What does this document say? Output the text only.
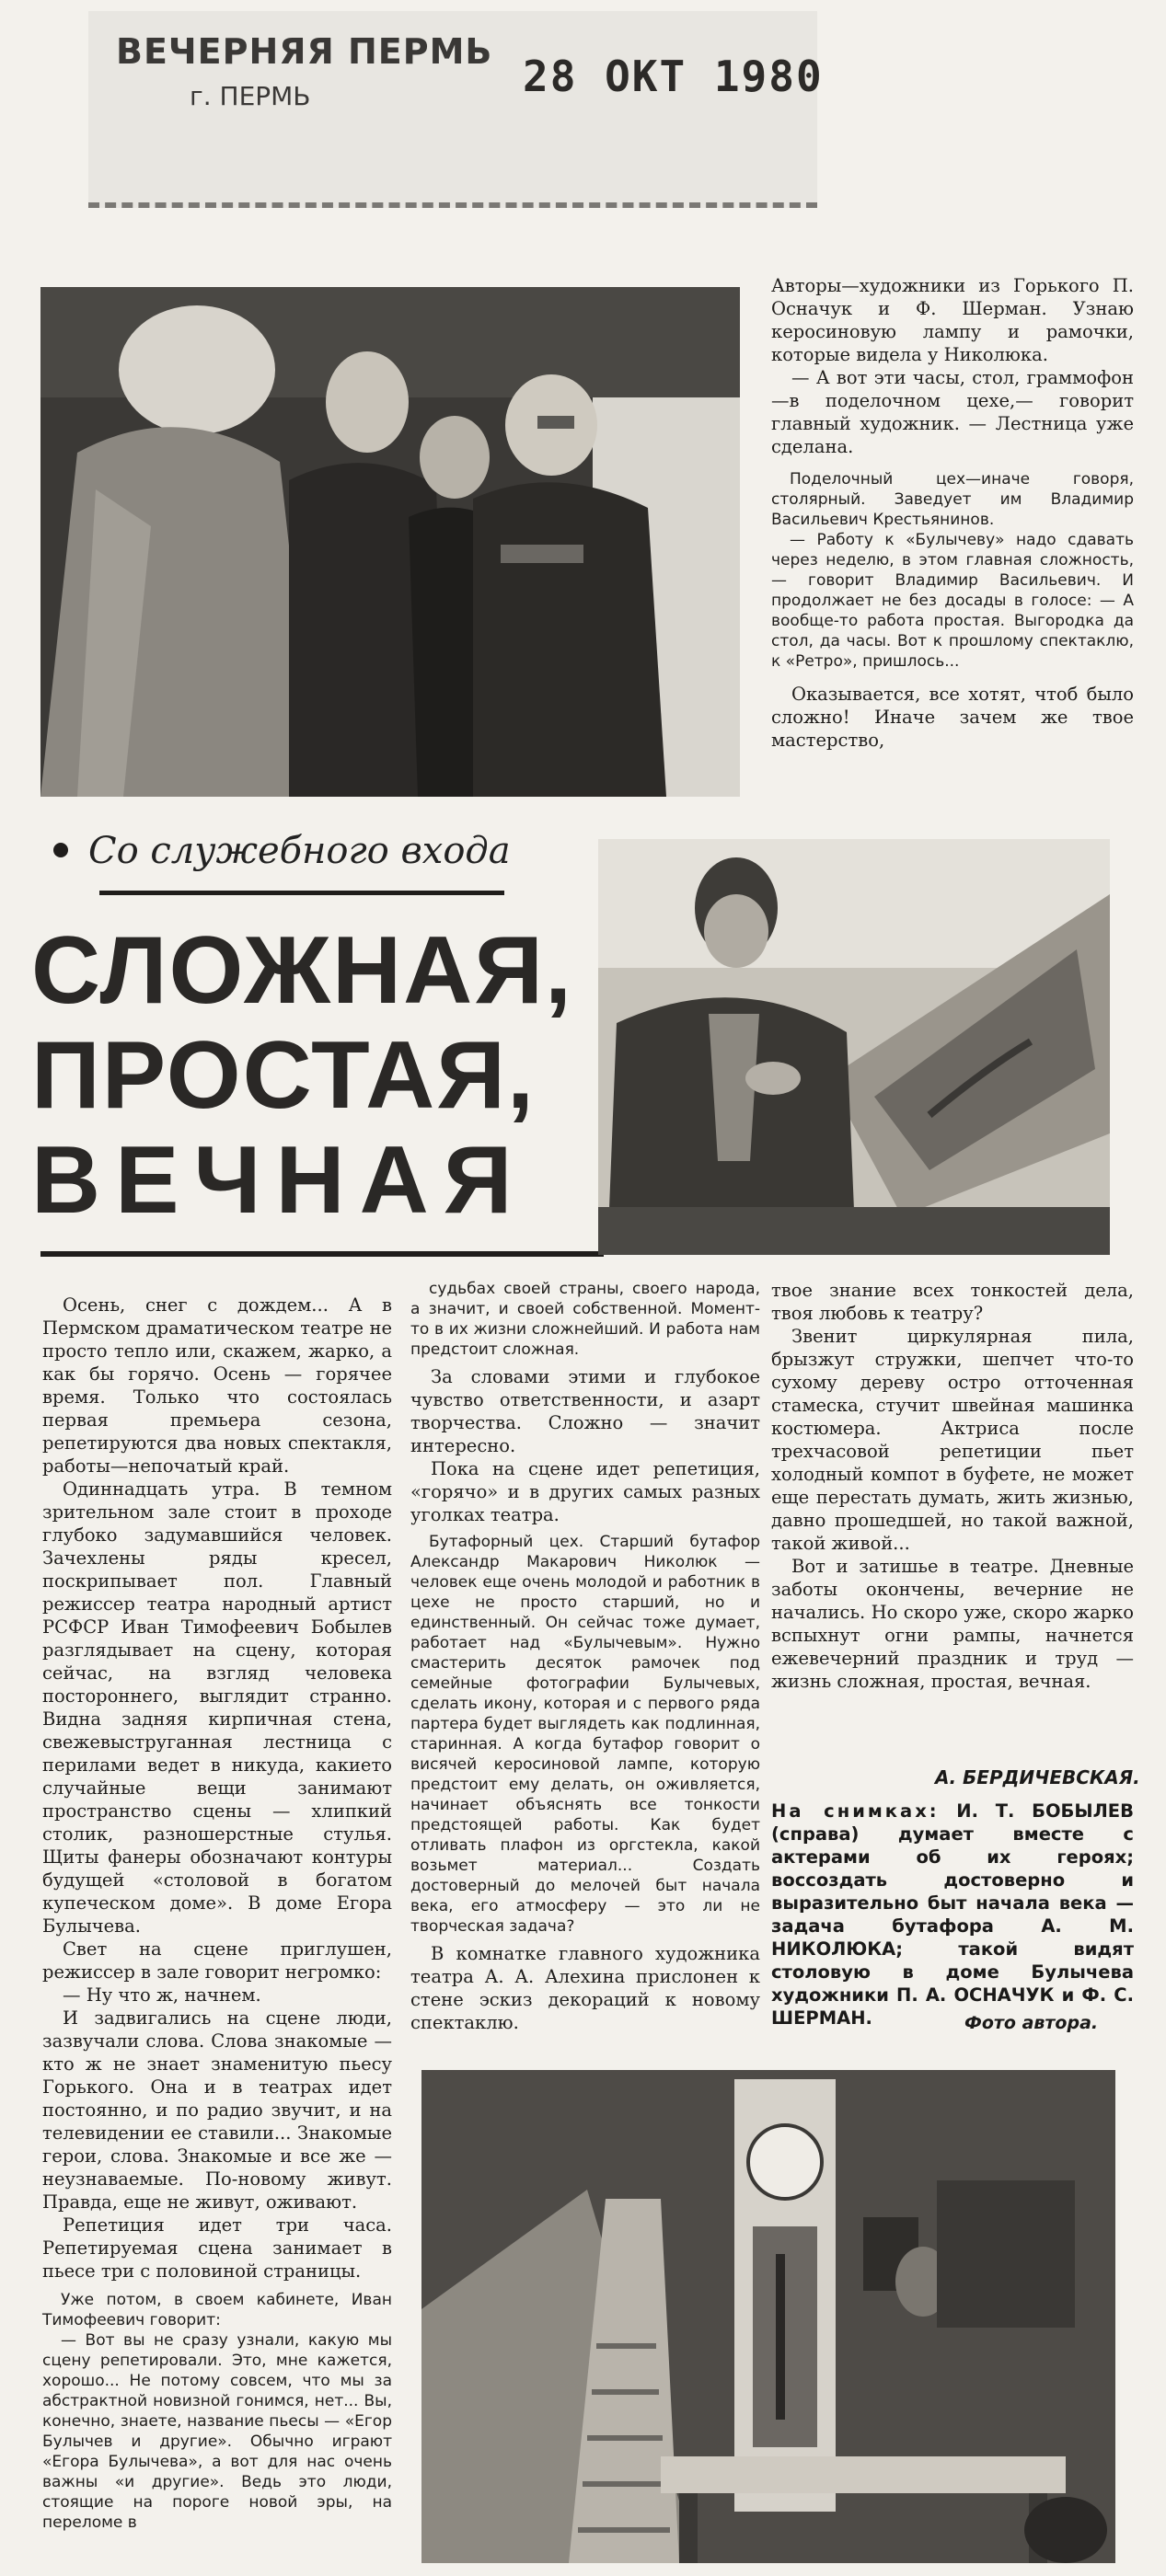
ВЕЧЕРНЯЯ ПЕРМЬ
г. ПЕРМЬ	28 ОКТ 1980

Авторы—художники из Горького П. Осначук и Ф. Шерман. Узнаю керосиновую лампу и рамочки, которые видела у Николюка.

— А вот эти часы, стол, граммофон—в поделочном цехе,— говорит главный художник. — Лестница уже сделана.

Поделочный цех—иначе говоря, столярный. Заведует им Владимир Васильевич Крестьянинов.

— Работу к «Булычеву» надо сдавать через неделю, в этом главная сложность, — говорит Владимир Васильевич. И продолжает не без досады в голосе: — А вообще-то работа простая. Выгородка да стол, да часы. Вот к прошлому спектаклю, к «Ретро», пришлось...

Оказывается, все хотят, чтоб было сложно! Иначе зачем же твое мастерство,

Со служебного входа
СЛОЖНАЯ,
ПРОСТАЯ,
ВЕЧНАЯ

Осень, снег с дождем... А в Пермском драматическом театре не просто тепло или, скажем, жарко, а как бы горячо. Осень — горячее время. Только что состоялась первая премьера сезона, репетируются два новых спектакля, работы—непочатый край.

Одиннадцать утра. В темном зрительном зале стоит в проходе глубоко задумавшийся человек. Зачехлены ряды кресел, поскрипывает пол. Главный режиссер театра народный артист РСФСР Иван Тимофеевич Бобылев разглядывает на сцену, которая сейчас, на взгляд человека постороннего, выглядит странно. Видна задняя кирпичная стена, свежевыструганная лестница с перилами ведет в никуда, какието случайные вещи занимают пространство сцены — хлипкий столик, разношерстные стулья. Щиты фанеры обозначают контуры будущей «столовой в богатом купеческом доме». В доме Егора Булычева.

Свет на сцене приглушен, режиссер в зале говорит негромко:

— Ну что ж, начнем.

И задвигались на сцене люди, зазвучали слова. Слова знакомые — кто ж не знает знаменитую пьесу Горького. Она и в театрах идет постоянно, и по радио звучит, и на телевидении ее ставили... Знакомые герои, слова. Знакомые и все же — неузнаваемые. По-новому живут. Правда, еще не живут, оживают.

Репетиция идет три часа. Репетируемая сцена занимает в пьесе три с половиной страницы.

Уже потом, в своем кабинете, Иван Тимофеевич говорит:

— Вот вы не сразу узнали, какую мы сцену репетировали. Это, мне кажется, хорошо... Не потому совсем, что мы за абстрактной новизной гонимся, нет... Вы, конечно, знаете, название пьесы — «Егор Булычев и другие». Обычно играют «Егора Булычева», а вот для нас очень важны «и другие». Ведь это люди, стоящие на пороге новой эры, на переломе в

судьбах своей страны, своего народа, а значит, и своей собственной. Момент-то в их жизни сложнейший. И работа нам предстоит сложная.

За словами этими и глубокое чувство ответственности, и азарт творчества. Сложно — значит интересно.

Пока на сцене идет репетиция, «горячо» и в других самых разных уголках театра.

Бутафорный цех. Старший бутафор Александр Макарович Николюк — человек еще очень молодой и работник в цехе не просто старший, но и единственный. Он сейчас тоже думает, работает над «Булычевым». Нужно смастерить десяток рамочек под семейные фотографии Булычевых, сделать икону, которая и с первого ряда партера будет выглядеть как подлинная, старинная. А когда бутафор говорит о висячей керосиновой лампе, которую предстоит ему делать, он оживляется, начинает объяснять все тонкости предстоящей работы. Как будет отливать плафон из оргстекла, какой возьмет материал... Создать достоверный до мелочей быт начала века, его атмосферу — это ли не творческая задача?

В комнатке главного художника театра А. А. Алехина прислонен к стене эскиз декораций к новому спектаклю.

твое знание всех тонкостей дела, твоя любовь к театру?

Звенит циркулярная пила, брызжут стружки, шепчет что-то сухому дереву остро отточенная стамеска, стучит швейная машинка костюмера. Актриса после трехчасовой репетиции пьет холодный компот в буфете, не может еще перестать думать, жить жизнью, давно прошедшей, но такой важной, такой живой...

Вот и затишье в театре. Дневные заботы окончены, вечерние не начались. Но скоро уже, скоро жарко вспыхнут огни рампы, начнется ежевечерний праздник и труд — жизнь сложная, простая, вечная.

А. БЕРДИЧЕВСКАЯ.
На снимках: И. Т. БОБЫЛЕВ (справа) думает вместе с актерами об их героях; воссоздать достоверно и выразительно быт начала века — задача бутафора А. М. НИКОЛЮКА; такой видят столовую в доме Булычева художники П. А. ОСНАЧУК и Ф. С. ШЕРМАН.	Фото автора.
